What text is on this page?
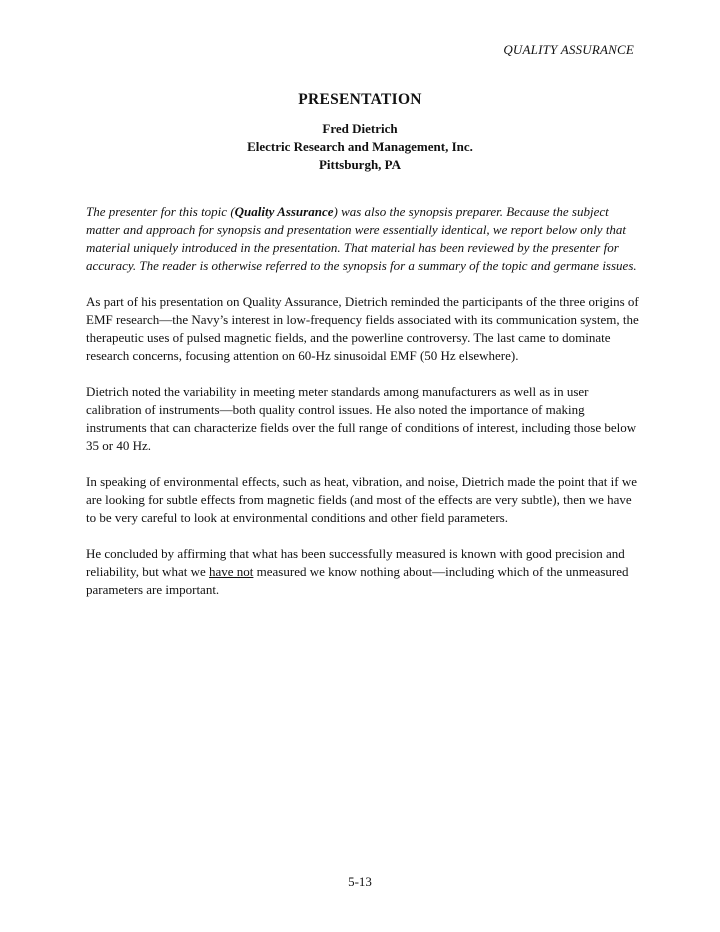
QUALITY ASSURANCE
PRESENTATION
Fred Dietrich
Electric Research and Management, Inc.
Pittsburgh, PA

The presenter for this topic (Quality Assurance) was also the synopsis preparer. Because the subject matter and approach for synopsis and presentation were essentially identical, we report below only that material uniquely introduced in the presentation. That material has been reviewed by the presenter for accuracy. The reader is otherwise referred to the synopsis for a summary of the topic and germane issues.

As part of his presentation on Quality Assurance, Dietrich reminded the participants of the three origins of EMF research—the Navy’s interest in low-frequency fields associated with its communication system, the therapeutic uses of pulsed magnetic fields, and the powerline controversy. The last came to dominate research concerns, focusing attention on 60-Hz sinusoidal EMF (50 Hz elsewhere).

Dietrich noted the variability in meeting meter standards among manufacturers as well as in user calibration of instruments—both quality control issues. He also noted the importance of making instruments that can characterize fields over the full range of conditions of interest, including those below 35 or 40 Hz.

In speaking of environmental effects, such as heat, vibration, and noise, Dietrich made the point that if we are looking for subtle effects from magnetic fields (and most of the effects are very subtle), then we have to be very careful to look at environmental conditions and other field parameters.

He concluded by affirming that what has been successfully measured is known with good precision and reliability, but what we have not measured we know nothing about—including which of the unmeasured parameters are important.

5-13
